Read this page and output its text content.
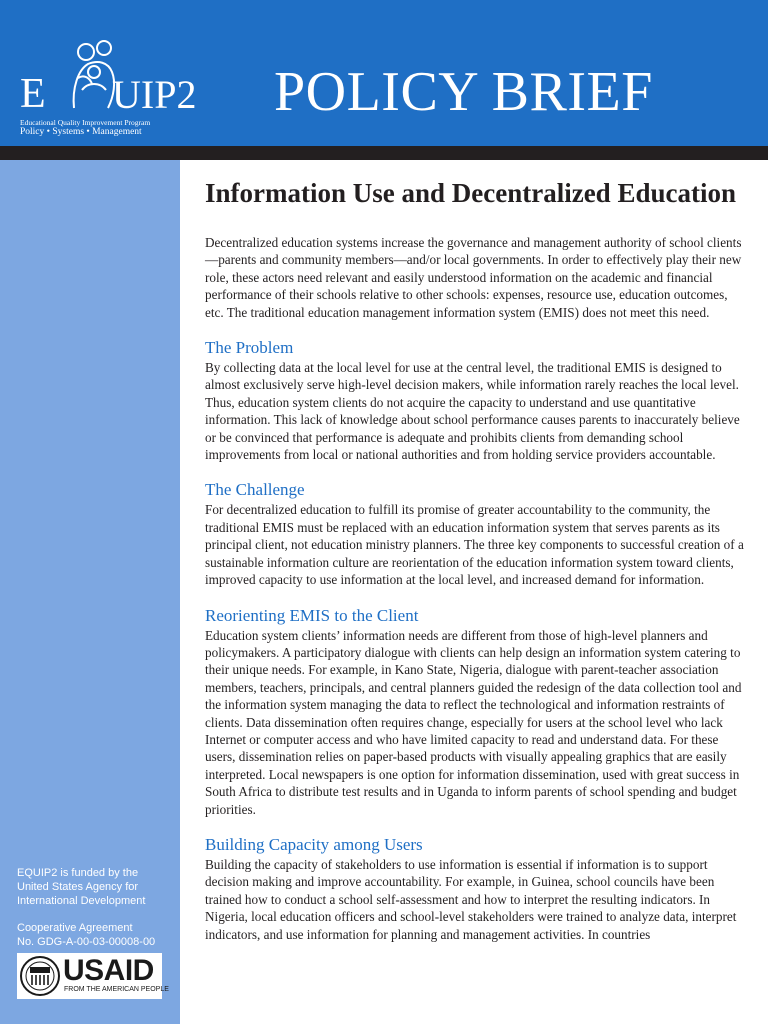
E UIP2
Educational Quality Improvement Program
Policy • Systems • Management
POLICY BRIEF

EQUIP2 is funded by the

United States Agency for

International Development

Cooperative Agreement

No. GDG-A-00-03-00008-00

USAID
FROM THE AMERICAN PEOPLE
Information Use and Decentralized Education

Decentralized education systems increase the governance and management authority of school clients—parents and community members—and/or local governments. In order to effectively play their new role, these actors need relevant and easily understood information on the academic and financial performance of their schools relative to other schools: expenses, resource use, education outcomes, etc. The traditional education management information system (EMIS) does not meet this need.

The Problem

By collecting data at the local level for use at the central level, the traditional EMIS is designed to almost exclusively serve high-level decision makers, while information rarely reaches the local level. Thus, education system clients do not acquire the capacity to understand and use quantitative information. This lack of knowledge about school performance causes parents to inaccurately believe or be convinced that performance is adequate and prohibits clients from demanding school improvements from local or national authorities and from holding service providers accountable.

The Challenge

For decentralized education to fulfill its promise of greater accountability to the community, the traditional EMIS must be replaced with an education information system that serves parents as its principal client, not education ministry planners. The three key components to successful creation of a sustainable information culture are reorientation of the education information system toward clients, improved capacity to use information at the local level, and increased demand for information.

Reorienting EMIS to the Client

Education system clients’ information needs are different from those of high-level planners and policymakers. A participatory dialogue with clients can help design an information system catering to their unique needs. For example, in Kano State, Nigeria, dialogue with parent-teacher association members, teachers, principals, and central planners guided the redesign of the data collection tool and the information system managing the data to reflect the technological and information restraints of clients. Data dissemination often requires change, especially for users at the school level who lack Internet or computer access and who have limited capacity to read and understand data. For these users, dissemination relies on paper-based products with visually appealing graphics that are easily interpreted. Local newspapers is one option for information dissemination, used with great success in South Africa to distribute test results and in Uganda to inform parents of school spending and budget priorities.

Building Capacity among Users

Building the capacity of stakeholders to use information is essential if information is to support decision making and improve accountability. For example, in Guinea, school councils have been trained how to conduct a school self-assessment and how to interpret the resulting indicators. In Nigeria, local education officers and school-level stakeholders were trained to analyze data, interpret indicators, and use information for planning and management activities. In countries
